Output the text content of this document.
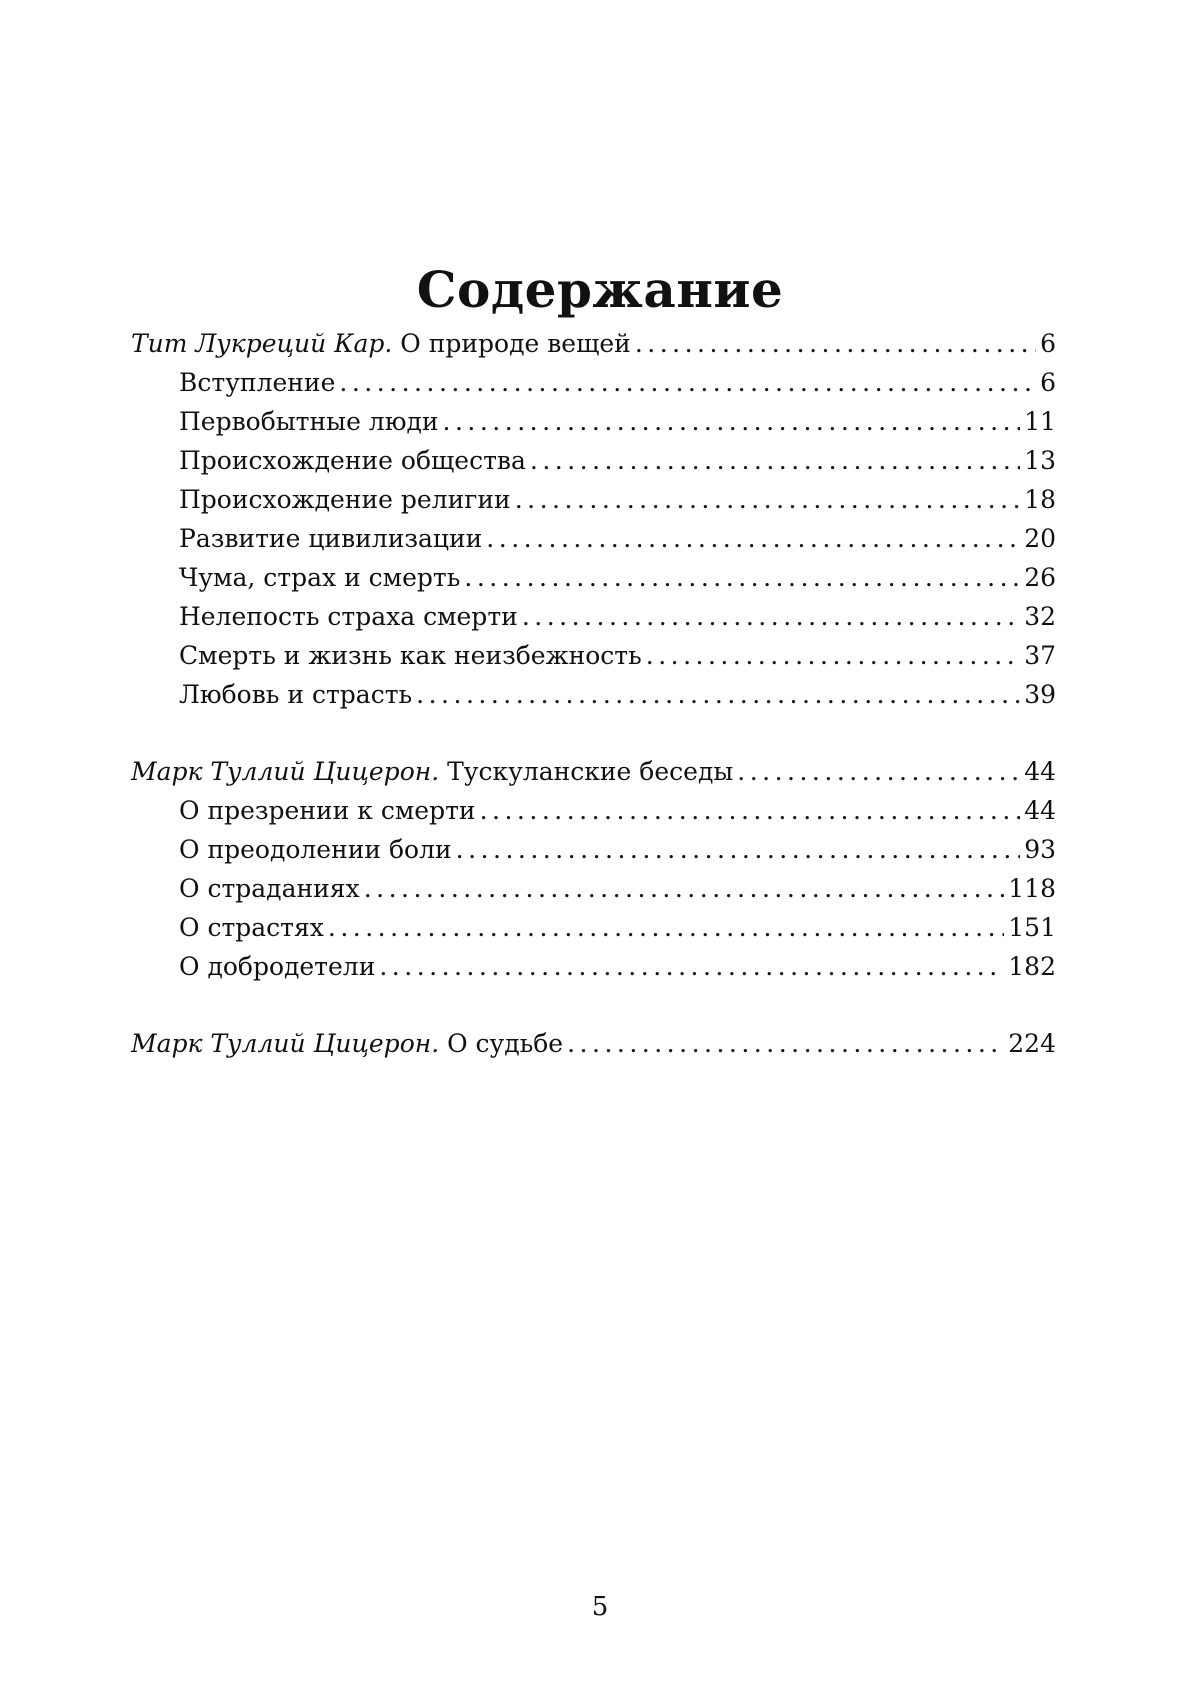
Содержание
Тит Лукреций Кар. О природе вещей .....	6
Вступление .....	6
Первобытные люди .....	11
Происхождение общества .....	13
Происхождение религии .....	18
Развитие цивилизации .....	20
Чума, страх и смерть .....	26
Нелепость страха смерти .....	32
Смерть и жизнь как неизбежность .....	37
Любовь и страсть .....	39
Марк Туллий Цицерон. Тускуланские беседы .....	44
О презрении к смерти .....	44
О преодолении боли .....	93
О страданиях .....	118
О страстях .....	151
О добродетели .....	182
Марк Туллий Цицерон. О судьбе .....	224
5
